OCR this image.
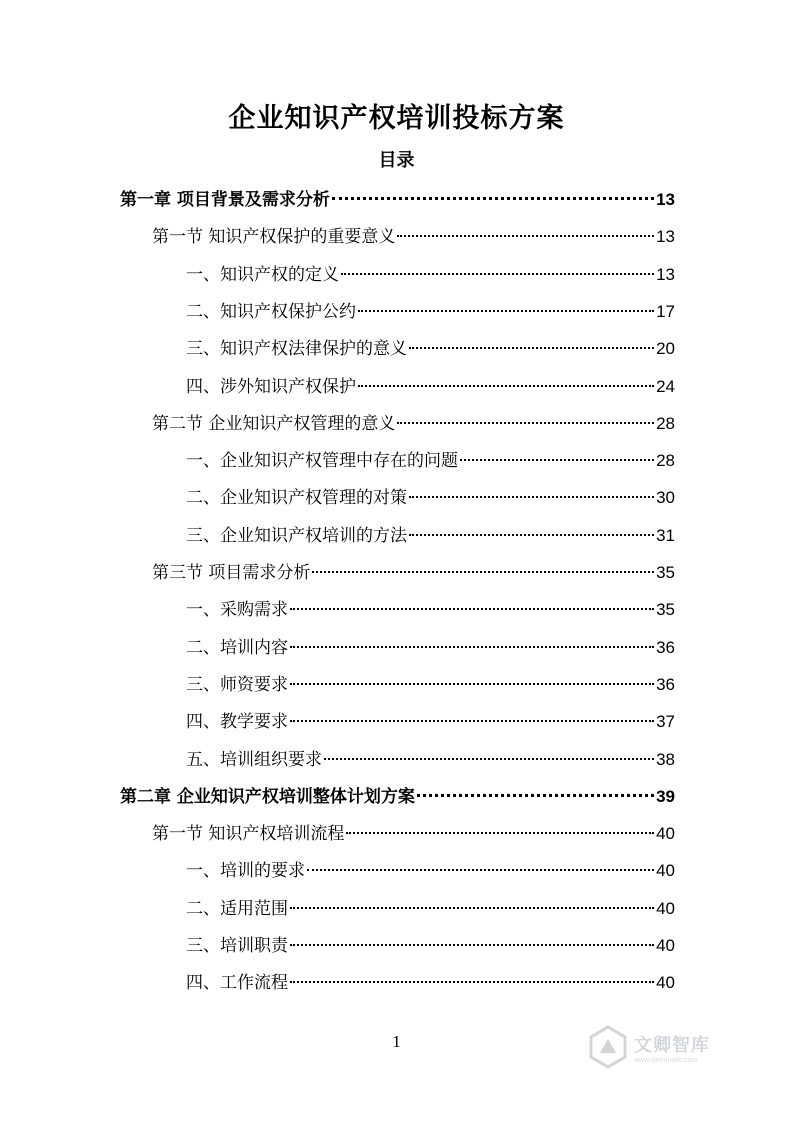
企业知识产权培训投标方案
目录
第一章 项目背景及需求分析	13
第一节 知识产权保护的重要意义	13
一、知识产权的定义	13
二、知识产权保护公约	17
三、知识产权法律保护的意义	20
四、涉外知识产权保护	24
第二节 企业知识产权管理的意义	28
一、企业知识产权管理中存在的问题	28
二、企业知识产权管理的对策	30
三、企业知识产权培训的方法	31
第三节 项目需求分析	35
一、采购需求	35
二、培训内容	36
三、师资要求	36
四、教学要求	37
五、培训组织要求	38
第二章 企业知识产权培训整体计划方案	39
第一节 知识产权培训流程	40
一、培训的要求	40
二、适用范围	40
三、培训职责	40
四、工作流程	40
1	文卿智库
www.wenduolib.com
